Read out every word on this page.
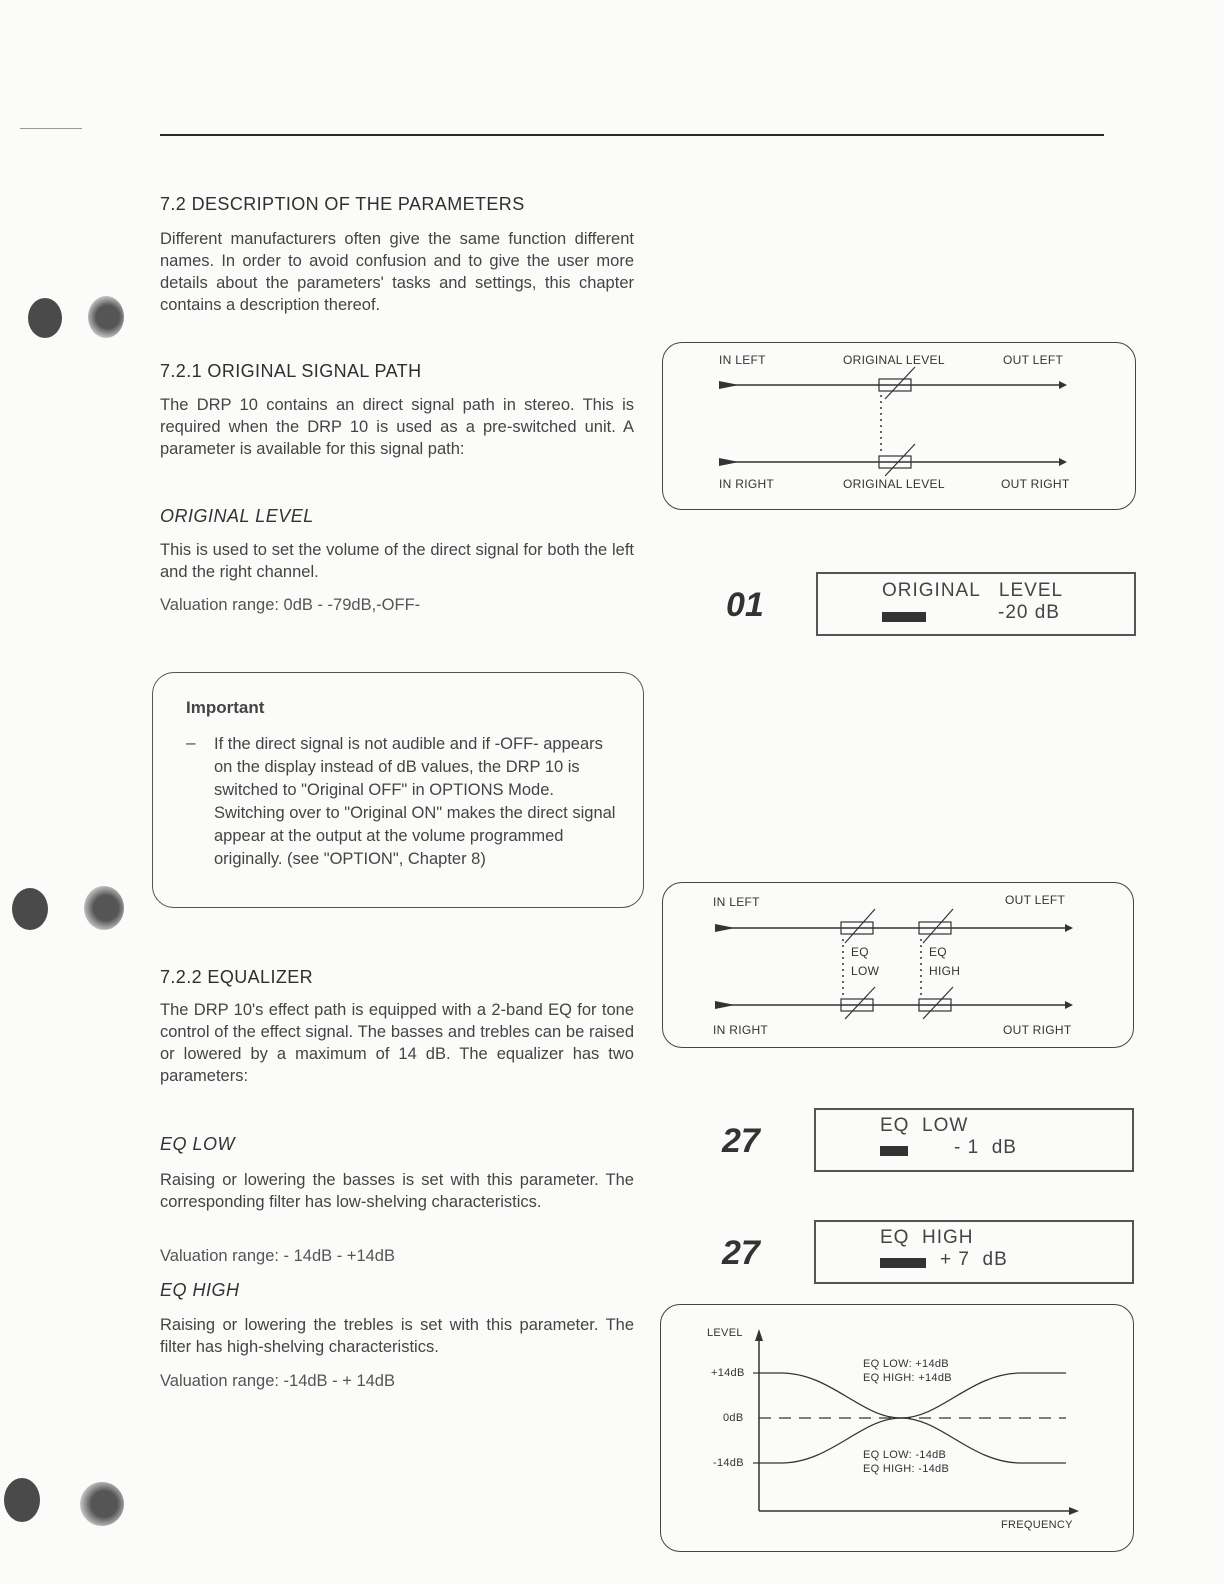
7.2 DESCRIPTION OF THE PARAMETERS

Different manufacturers often give the same function different names. In order to avoid confusion and to give the user more details about the parameters' tasks and settings, this chapter contains a description thereof.

7.2.1 ORIGINAL SIGNAL PATH

The DRP 10 contains an direct signal path in stereo. This is required when the DRP 10 is used as a pre-switched unit. A parameter is available for this signal path:

ORIGINAL LEVEL

This is used to set the volume of the direct signal for both the left and the right channel.

Valuation range: 0dB - -79dB,-OFF-
Important
– If the direct signal is not audible and if -OFF- appears on the display instead of dB values, the DRP 10 is switched to "Original OFF" in OPTIONS Mode. Switching over to "Original ON" makes the direct signal appear at the output at the volume programmed originally. (see "OPTION", Chapter 8)

7.2.2 EQUALIZER

The DRP 10's effect path is equipped with a 2-band EQ for tone control of the effect signal. The basses and trebles can be raised or lowered by a maximum of 14 dB. The equalizer has two parameters:

EQ LOW

Raising or lowering the basses is set with this parameter. The corresponding filter has low-shelving characteristics.

Valuation range: - 14dB - +14dB
EQ HIGH

Raising or lowering the trebles is set with this parameter. The filter has high-shelving characteristics.

Valuation range: -14dB - + 14dB
IN LEFT	ORIGINAL LEVEL	OUT LEFT
IN RIGHT	ORIGINAL LEVEL	OUT RIGHT
01	ORIGINAL   LEVEL
-20 dB
IN LEFT	OUT LEFT
IN RIGHT	OUT RIGHT
EQ
LOW
EQ
HIGH
27	EQ  LOW
- 1  dB
27	EQ  HIGH
+ 7  dB
LEVEL
+14dB
0dB
-14dB
EQ LOW: +14dB
EQ HIGH: +14dB
EQ LOW: -14dB
EQ HIGH: -14dB
FREQUENCY
